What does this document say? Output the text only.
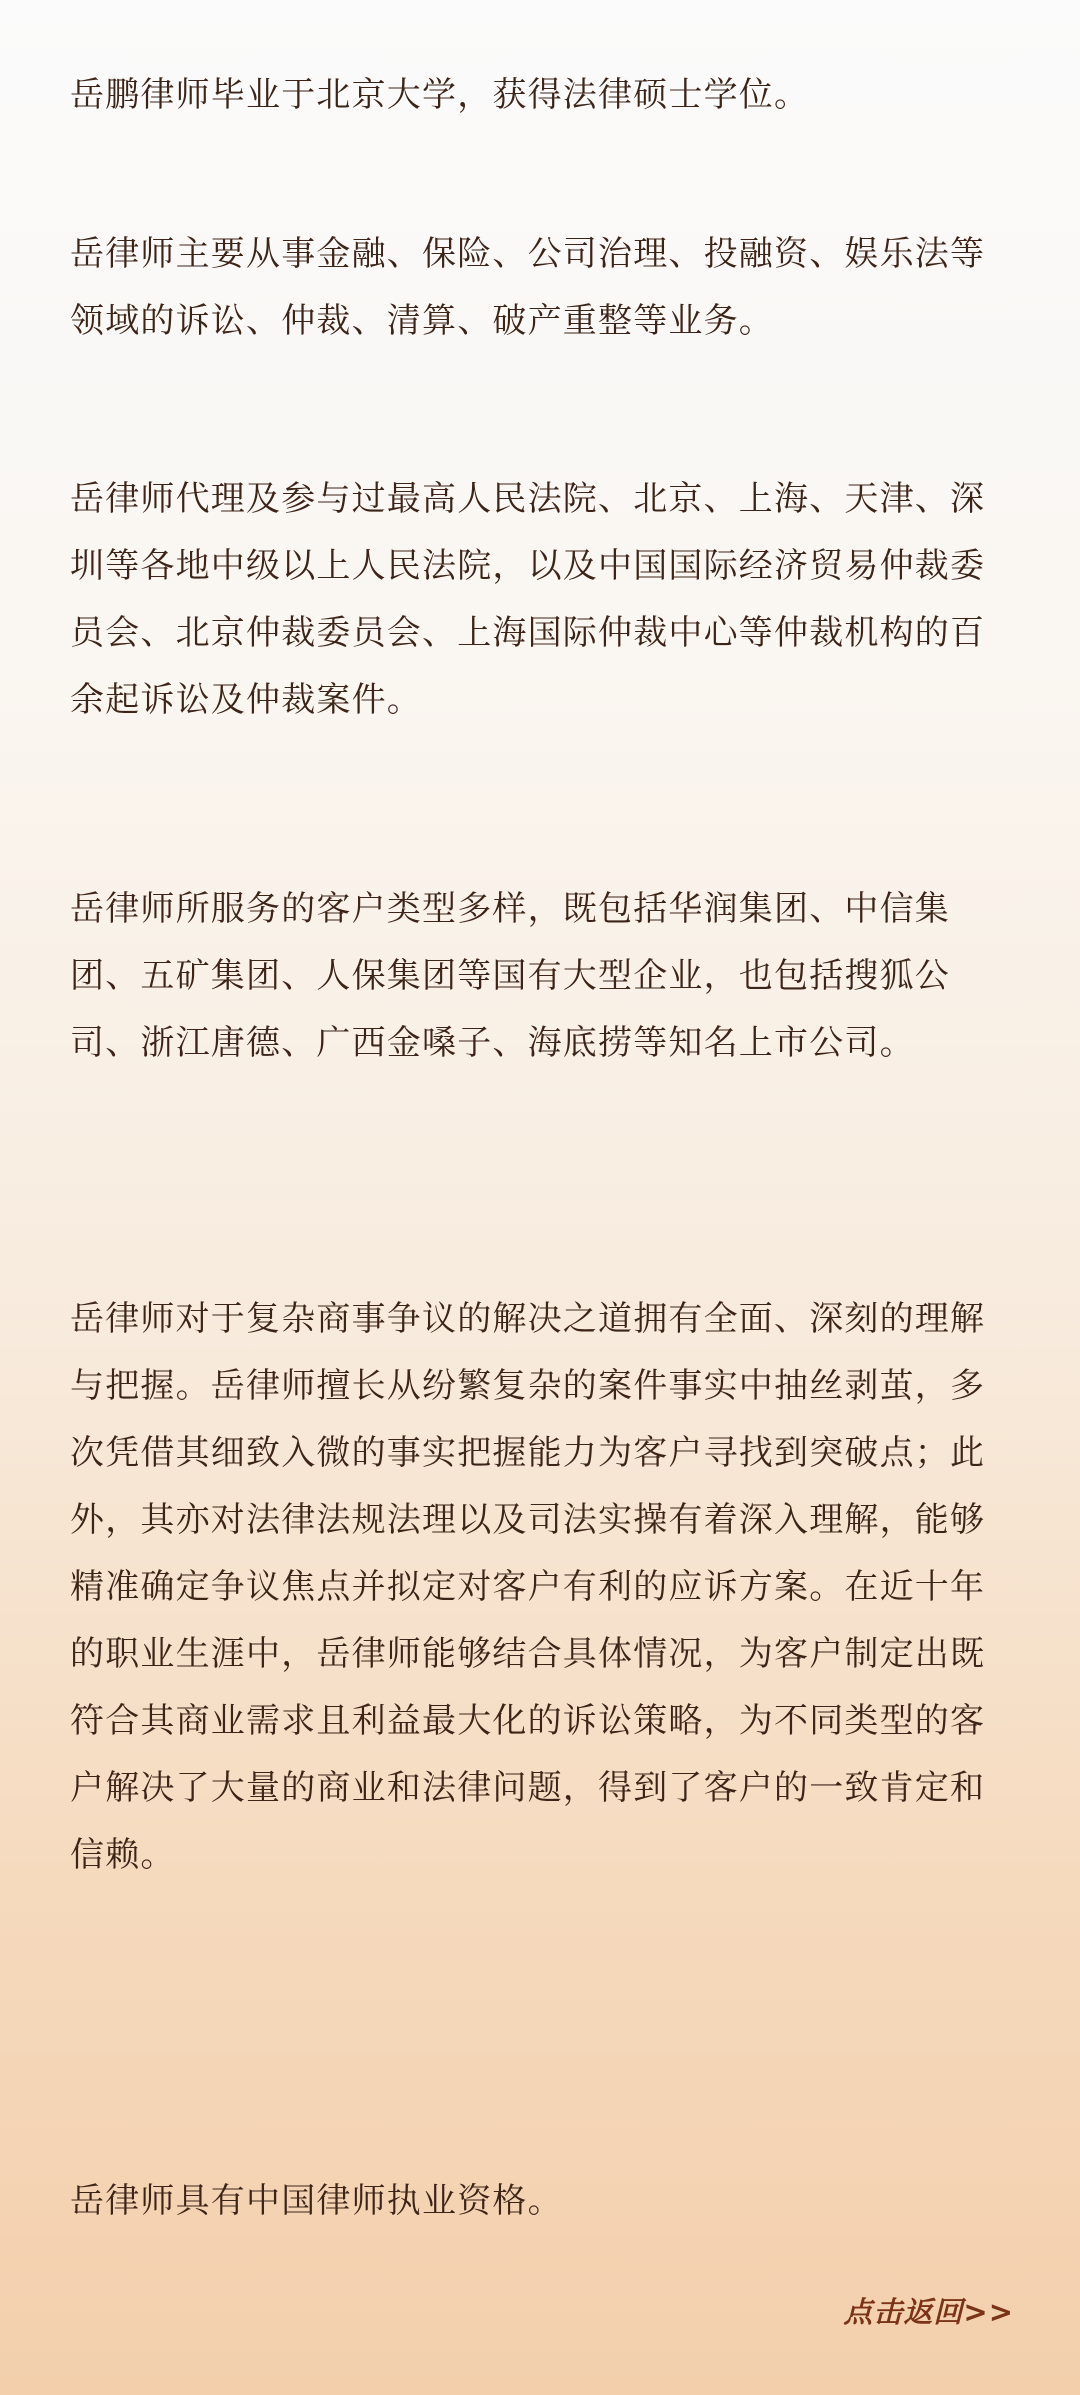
岳鹏律师毕业于北京大学，获得法律硕士学位。

岳律师主要从事金融、保险、公司治理、投融资、娱乐法等领域的诉讼、仲裁、清算、破产重整等业务。

岳律师代理及参与过最高人民法院、北京、上海、天津、深圳等各地中级以上人民法院，以及中国国际经济贸易仲裁委员会、北京仲裁委员会、上海国际仲裁中心等仲裁机构的百余起诉讼及仲裁案件。

岳律师所服务的客户类型多样，既包括华润集团、中信集团、五矿集团、人保集团等国有大型企业，也包括搜狐公司、浙江唐德、广西金嗓子、海底捞等知名上市公司。

岳律师对于复杂商事争议的解决之道拥有全面、深刻的理解与把握。岳律师擅长从纷繁复杂的案件事实中抽丝剥茧，多次凭借其细致入微的事实把握能力为客户寻找到突破点；此外，其亦对法律法规法理以及司法实操有着深入理解，能够精准确定争议焦点并拟定对客户有利的应诉方案。在近十年的职业生涯中，岳律师能够结合具体情况，为客户制定出既符合其商业需求且利益最大化的诉讼策略，为不同类型的客户解决了大量的商业和法律问题，得到了客户的一致肯定和信赖。

岳律师具有中国律师执业资格。

点击返回>>
